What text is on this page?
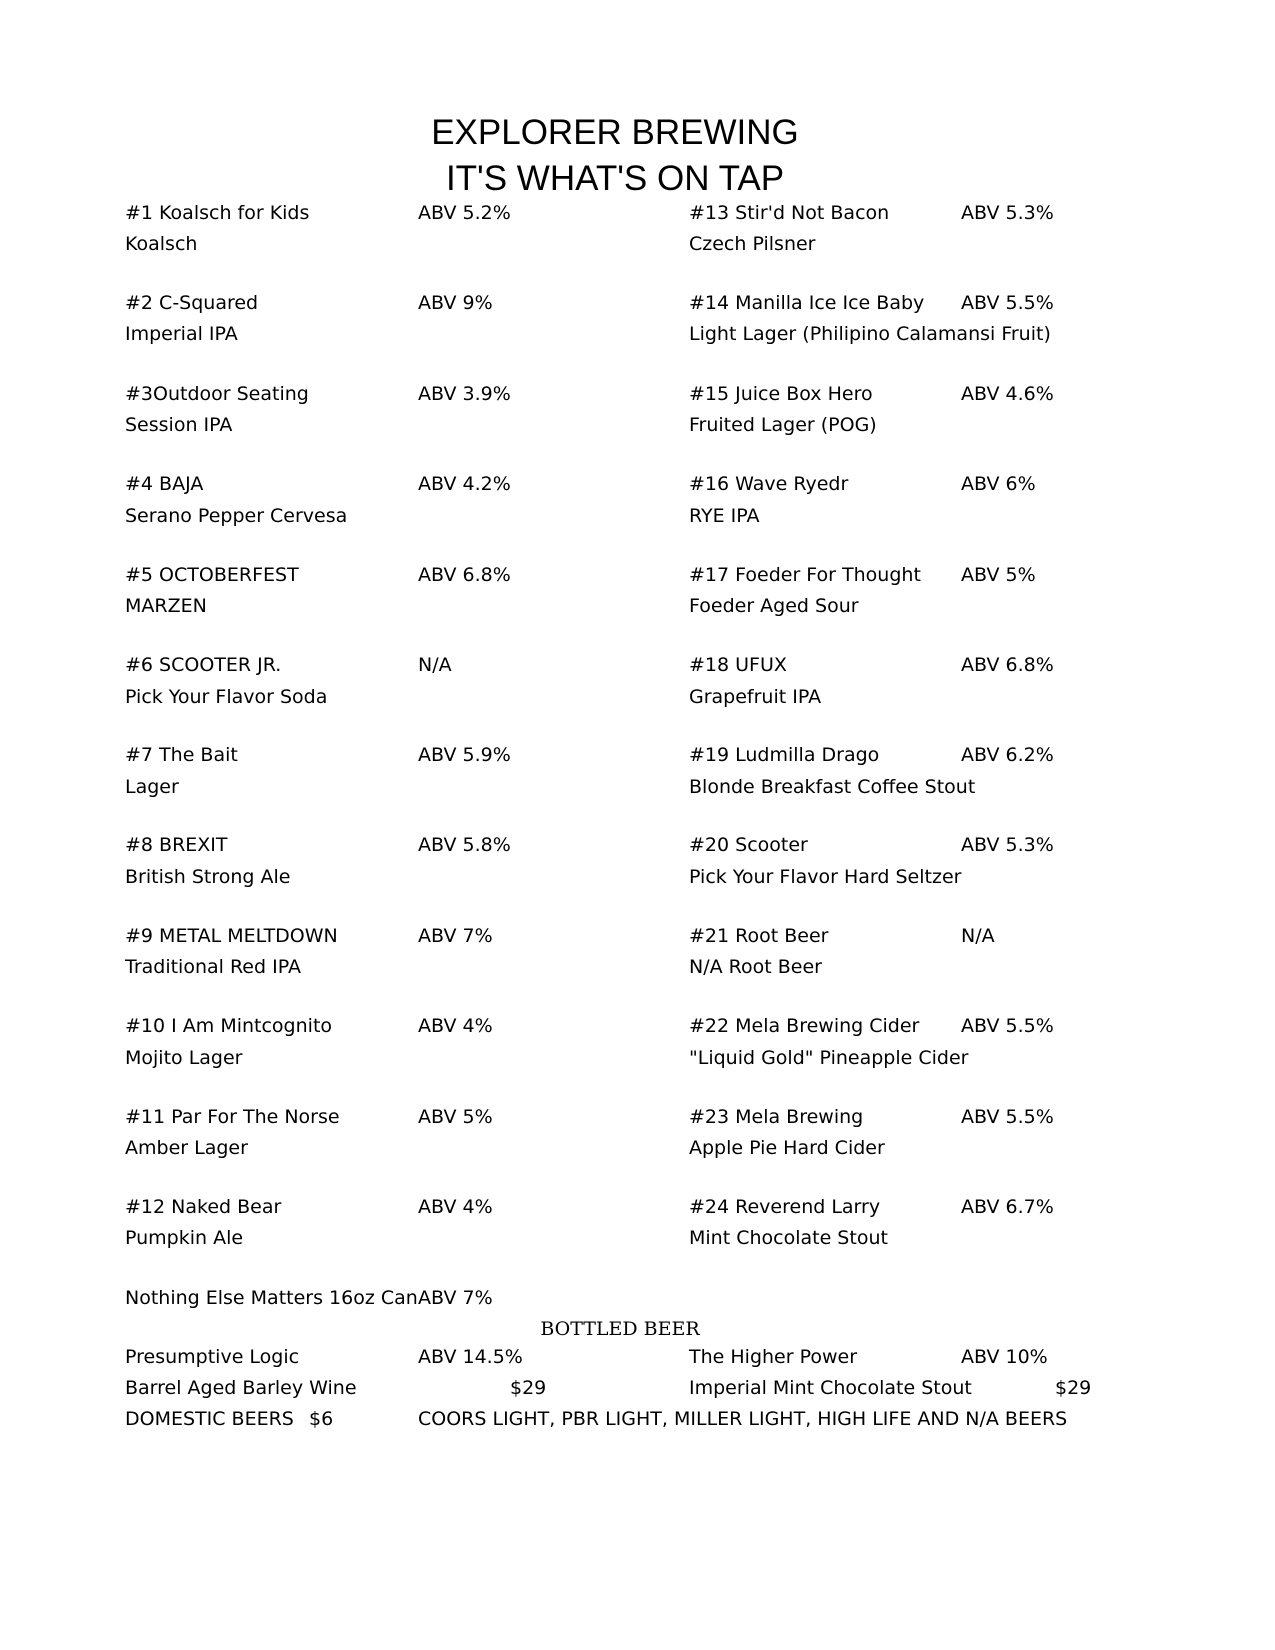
EXPLORER BREWING
IT'S WHAT'S ON TAP
#1 Koalsch for Kids	ABV 5.2%
Koalsch
#2 C-Squared	ABV 9%
Imperial IPA
#3Outdoor Seating	ABV 3.9%
Session IPA
#4 BAJA	ABV 4.2%
Serano Pepper Cervesa
#5 OCTOBERFEST	ABV 6.8%
MARZEN
#6 SCOOTER JR.	N/A
Pick Your Flavor Soda
#7 The Bait	ABV 5.9%
Lager
#8 BREXIT	ABV 5.8%
British Strong Ale
#9 METAL MELTDOWN	ABV 7%
Traditional Red IPA
#10 I Am Mintcognito	ABV 4%
Mojito Lager
#11 Par For The Norse	ABV 5%
Amber Lager
#12 Naked Bear	ABV 4%
Pumpkin Ale
#13 Stir'd Not Bacon	ABV 5.3%
Czech Pilsner
#14 Manilla Ice Ice Baby ABV 5.5%
Light Lager (Philipino Calamansi Fruit)
#15 Juice Box Hero	ABV 4.6%
Fruited Lager (POG)
#16 Wave Ryedr	ABV 6%
RYE IPA
#17 Foeder For Thought ABV 5%
Foeder Aged Sour
#18 UFUX	ABV 6.8%
Grapefruit IPA
#19 Ludmilla Drago	ABV 6.2%
Blonde Breakfast Coffee Stout
#20 Scooter	ABV 5.3%
Pick Your Flavor Hard Seltzer
#21 Root Beer	N/A
N/A Root Beer
#22 Mela Brewing Cider ABV 5.5%
"Liquid Gold" Pineapple Cider
#23 Mela Brewing	ABV 5.5%
Apple Pie Hard Cider
#24 Reverend Larry	ABV 6.7%
Mint Chocolate Stout
Nothing Else Matters 16oz Can ABV 7%
BOTTLED BEER
Presumptive Logic	ABV 14.5%
Barrel Aged Barley Wine	$29
The Higher Power	ABV 10%
Imperial Mint Chocolate Stout	$29
DOMESTIC BEERS $6	COORS LIGHT, PBR LIGHT, MILLER LIGHT, HIGH LIFE AND N/A BEERS
